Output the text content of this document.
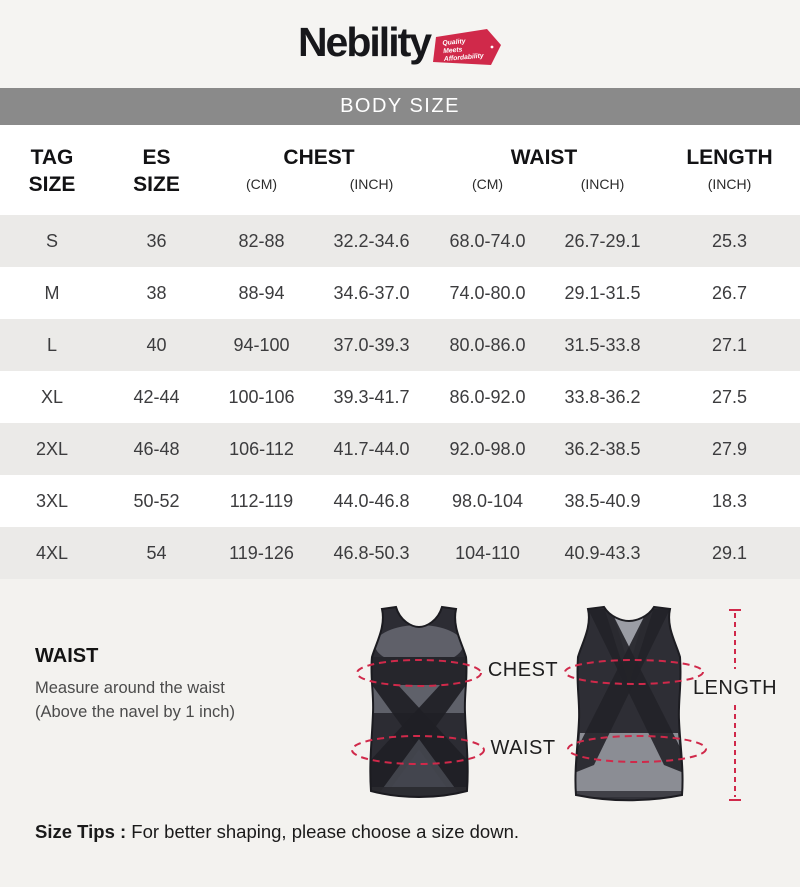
Nebility Quality
Meets
Affordability
BODY SIZE
TAG
SIZE
ES
SIZE
CHEST
(CM)	(INCH)
WAIST
(CM)	(INCH)
LENGTH
(INCH)
S	36	82-88	32.2-34.6	68.0-74.0	26.7-29.1	25.3
M	38	88-94	34.6-37.0	74.0-80.0	29.1-31.5	26.7
L	40	94-100	37.0-39.3	80.0-86.0	31.5-33.8	27.1
XL	42-44	100-106	39.3-41.7	86.0-92.0	33.8-36.2	27.5
2XL	46-48	106-112	41.7-44.0	92.0-98.0	36.2-38.5	27.9
3XL	50-52	112-119	44.0-46.8	98.0-104	38.5-40.9	18.3
4XL	54	119-126	46.8-50.3	104-110	40.9-43.3	29.1
WAIST
Measure around the waist
(Above the navel by 1 inch)
CHEST
WAIST
LENGTH
Size Tips : For better shaping, please choose a size down.
